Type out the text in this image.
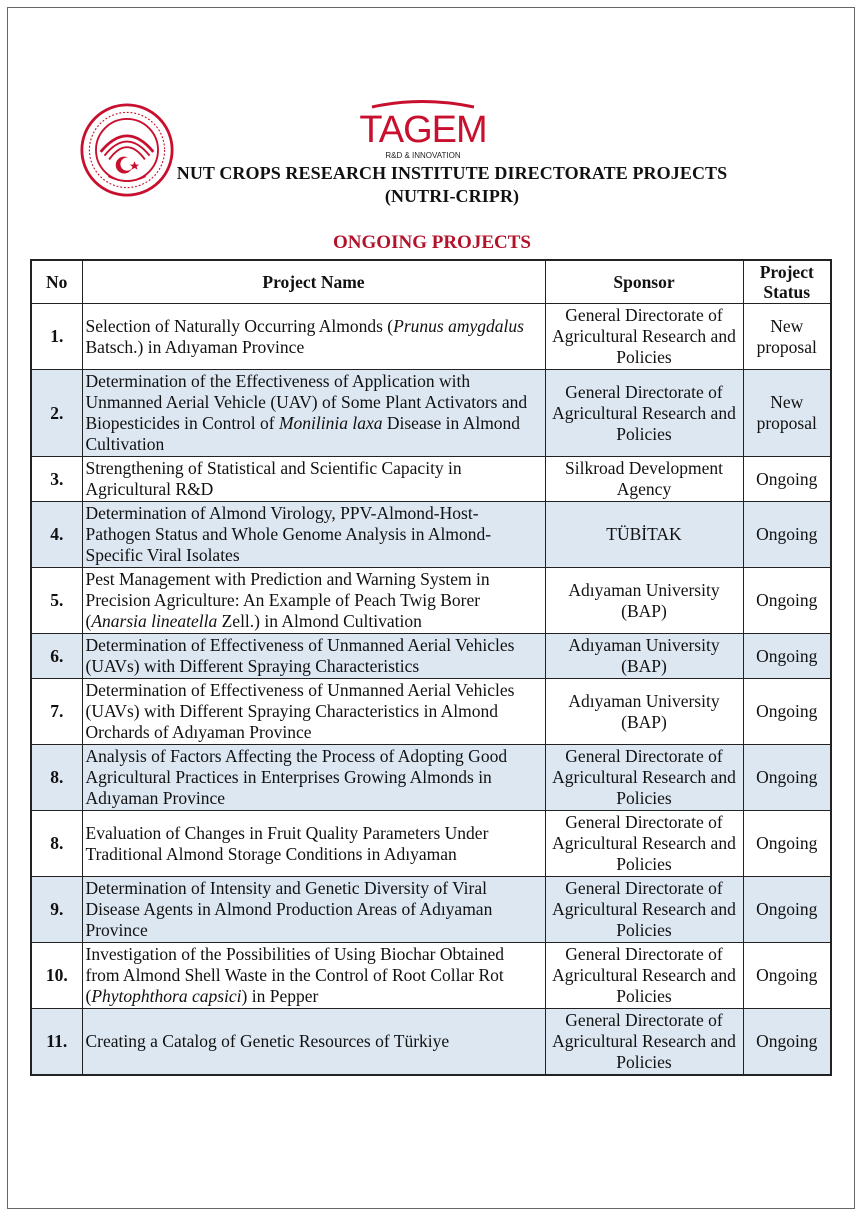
TAGEM
R&D & INNOVATION
NUT CROPS RESEARCH INSTITUTE DIRECTORATE PROJECTS
(NUTRI-CRIPR)
ONGOING PROJECTS
No	Project Name	Sponsor	Project
Status
1.	Selection of Naturally Occurring Almonds (Prunus amygdalus Batsch.) in Adıyaman Province	General Directorate of Agricultural Research and Policies	New proposal
2.	Determination of the Effectiveness of Application with Unmanned Aerial Vehicle (UAV) of Some Plant Activators and Biopesticides in Control of Monilinia laxa Disease in Almond Cultivation	General Directorate of Agricultural Research and Policies	New proposal
3.	Strengthening of Statistical and Scientific Capacity in Agricultural R&D	Silkroad Development Agency	Ongoing
4.	Determination of Almond Virology, PPV-Almond-Host-Pathogen Status and Whole Genome Analysis in Almond-Specific Viral Isolates	TÜBİTAK	Ongoing
5.	Pest Management with Prediction and Warning System in Precision Agriculture: An Example of Peach Twig Borer (Anarsia lineatella Zell.) in Almond Cultivation	Adıyaman University (BAP)	Ongoing
6.	Determination of Effectiveness of Unmanned Aerial Vehicles (UAVs) with Different Spraying Characteristics	Adıyaman University (BAP)	Ongoing
7.	Determination of Effectiveness of Unmanned Aerial Vehicles (UAVs) with Different Spraying Characteristics in Almond Orchards of Adıyaman Province	Adıyaman University (BAP)	Ongoing
8.	Analysis of Factors Affecting the Process of Adopting Good Agricultural Practices in Enterprises Growing Almonds in Adıyaman Province	General Directorate of Agricultural Research and Policies	Ongoing
8.	Evaluation of Changes in Fruit Quality Parameters Under Traditional Almond Storage Conditions in Adıyaman	General Directorate of Agricultural Research and Policies	Ongoing
9.	Determination of Intensity and Genetic Diversity of Viral Disease Agents in Almond Production Areas of Adıyaman Province	General Directorate of Agricultural Research and Policies	Ongoing
10.	Investigation of the Possibilities of Using Biochar Obtained from Almond Shell Waste in the Control of Root Collar Rot (Phytophthora capsici) in Pepper	General Directorate of Agricultural Research and Policies	Ongoing
11.	Creating a Catalog of Genetic Resources of Türkiye	General Directorate of Agricultural Research and Policies	Ongoing
